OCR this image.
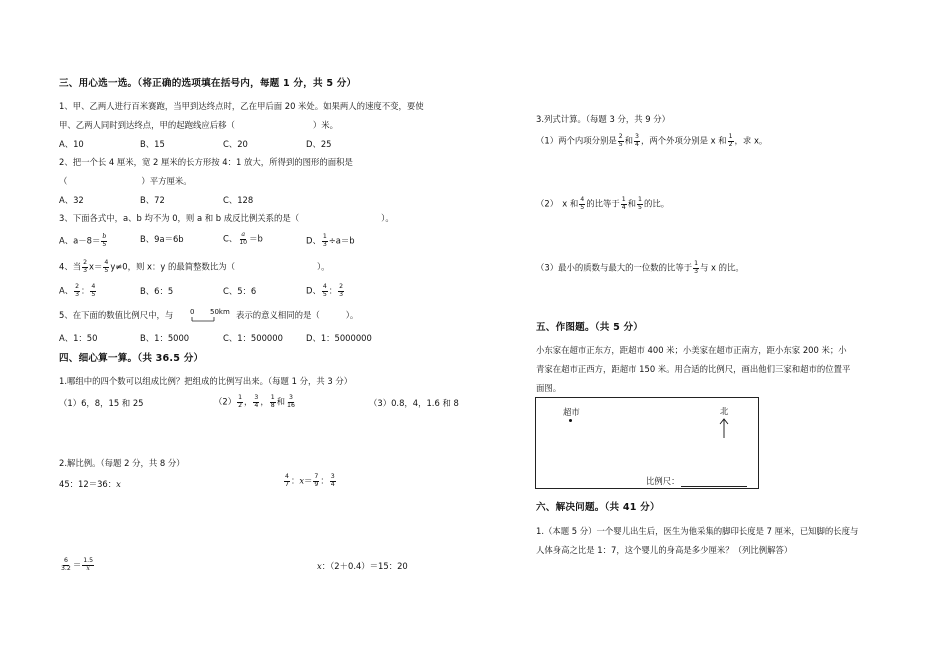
三、用心选一选。（将正确的选项填在括号内，每题 1 分，共 5 分）
1、甲、乙两人进行百米赛跑，当甲到达终点时，乙在甲后面 20 米处。如果两人的速度不变，要使
甲、乙两人同时到达终点，甲的起跑线应后移（	）米。
A、10	B、15	C、20	D、25
2、把一个长 4 厘米，宽 2 厘米的长方形按 4：1 放大，所得到的图形的面积是
（	）平方厘米。
A、32	B、72	C、128
3、下面各式中，a、b 均不为 0，则 a 和 b 成反比例关系的是（	）。
A、$a-8= \frac{b}{5}$	B、9a＝6b	C、 $\frac{a}{10} =b$	D、 $\frac{1}{3} \div a=b$
4、当 $\frac{2}{3} x= \frac{4}{5} y\ne 0$，则 x：y 的最简整数比为（	）。
A、 $\frac{2}{3}$ ： $\frac{4}{5}$	B、6：5	C、5：6	D、 $\frac{4}{5}$ ： $\frac{2}{3}$
5、在下面的数值比例尺中，与 0 50km 表示的意义相同的是（	）。
A、1：50	B、1：5000	C、1：500000	D、1：5000000
四、细心算一算。（共 36.5 分）
1.哪组中的四个数可以组成比例？把组成的比例写出来。（每题 1 分，共 3 分）
（1）6，8，15 和 25	$(2) \frac{1}{2}$ ， $\frac{3}{4}$ ， $\frac{1}{8}$ 和 $\frac{3}{16}$	（3）0.8，4，1.6 和 8
2.解比例。（每题 2 分，共 8 分）
45：12＝36：x	$\frac{4}{7}$ ：$x= \frac{7}{9}$ ： $\frac{3}{4}$
$\frac{6}{3.2} = \frac{1.5}{x}$	x：（2＋0.4）＝15：20
3.列式计算。（每题 3 分，共 9 分）
（1）两个内项分别是 $\frac{2}{5}$ 和 $\frac{3}{4}$ ，两个外项分别是 x 和 $\frac{1}{2}$ ，求 x。
（2）　x 和 $\frac{4}{5}$ 的比等于 $\frac{1}{4}$ 和 $\frac{1}{5}$ 的比。
（3）最小的质数与最大的一位数的比等于 $\frac{1}{3}$ 与 x 的比。
五、作图题。（共 5 分）
小东家在超市正东方，距超市 400 米；小美家在超市正南方，距小东家 200 米；小
青家在超市正西方，距超市 150 米。用合适的比例尺，画出他们三家和超市的位置平
面图。
超市	北
比例尺：
六、解决问题。（共 41 分）
1.（本题 5 分）一个婴儿出生后，医生为他采集的脚印长度是 7 厘米，已知脚的长度与
人体身高之比是 1：7，这个婴儿的身高是多少厘米？（列比例解答）
